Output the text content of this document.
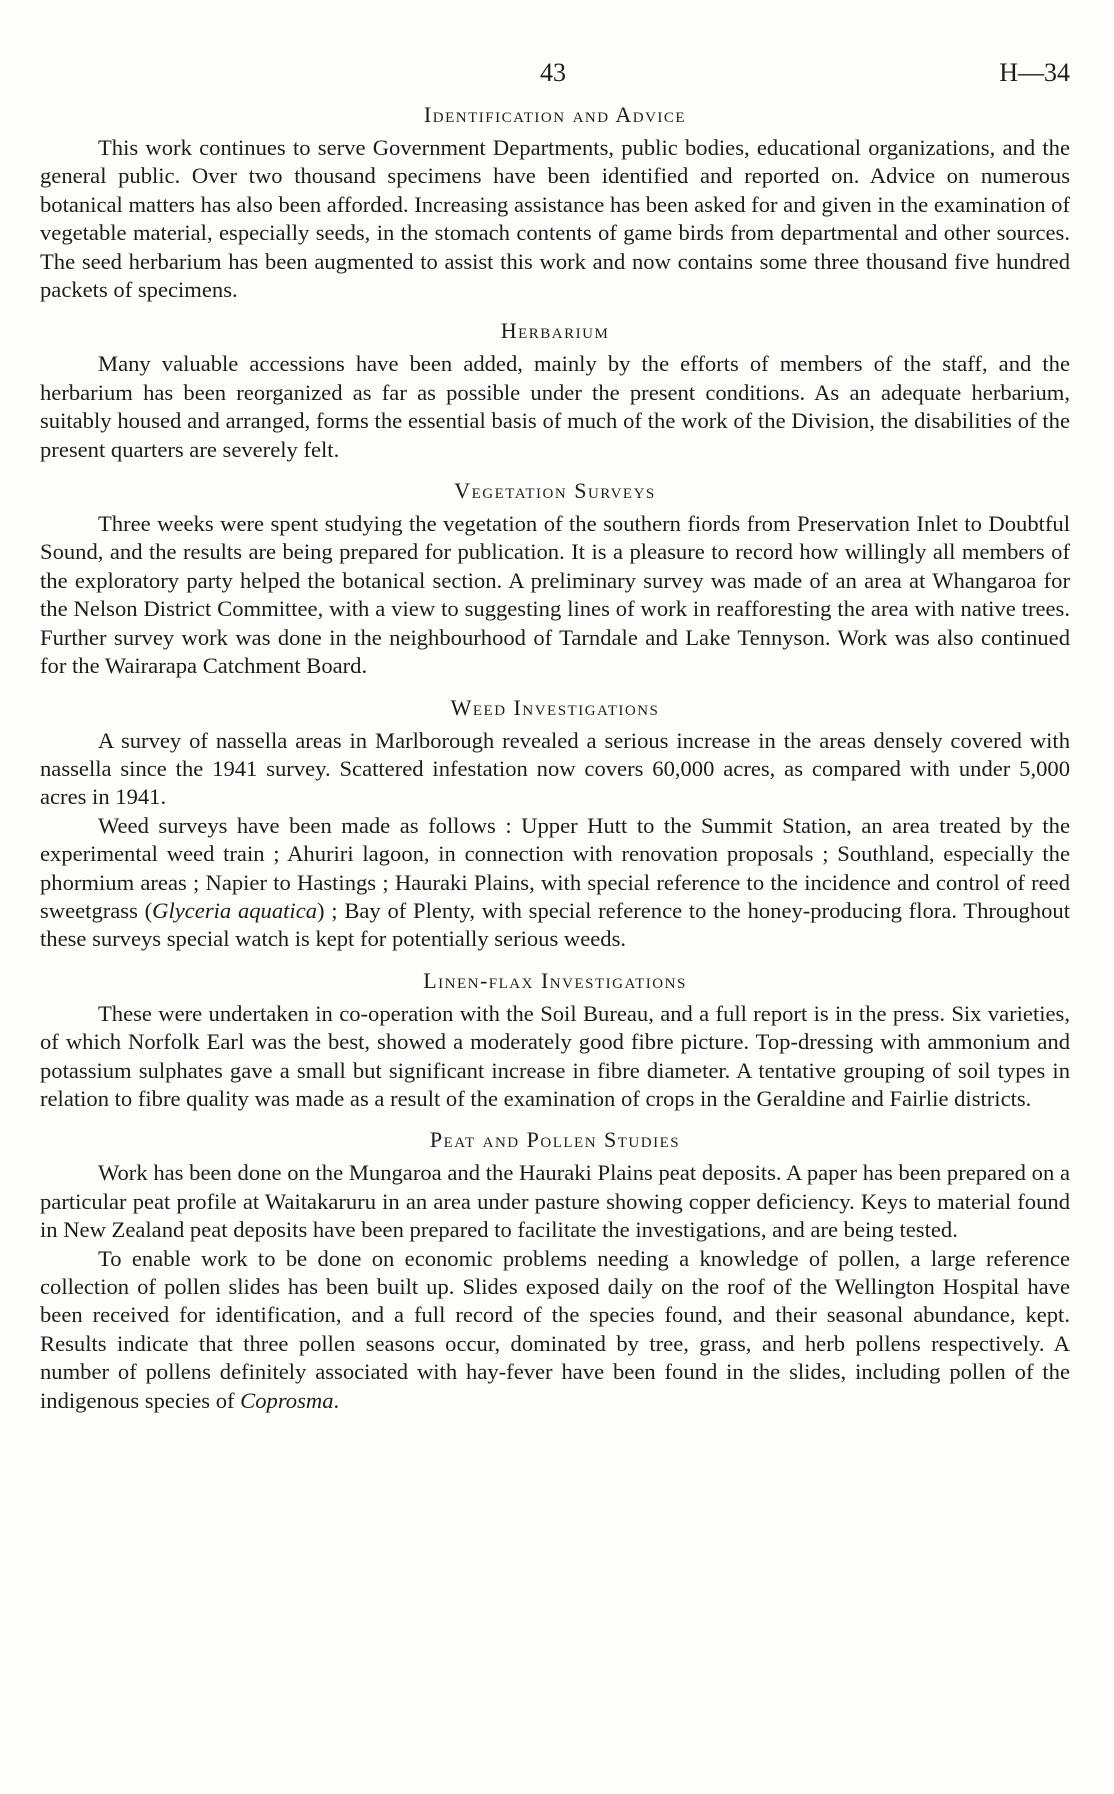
43	H—34
Identification and Advice

This work continues to serve Government Departments, public bodies, educational organizations, and the general public. Over two thousand specimens have been identified and reported on. Advice on numerous botanical matters has also been afforded. Increasing assistance has been asked for and given in the examination of vegetable material, especially seeds, in the stomach contents of game birds from departmental and other sources. The seed herbarium has been augmented to assist this work and now contains some three thousand five hundred packets of specimens.

Herbarium

Many valuable accessions have been added, mainly by the efforts of members of the staff, and the herbarium has been reorganized as far as possible under the present conditions. As an adequate herbarium, suitably housed and arranged, forms the essential basis of much of the work of the Division, the disabilities of the present quarters are severely felt.

Vegetation Surveys

Three weeks were spent studying the vegetation of the southern fiords from Preservation Inlet to Doubtful Sound, and the results are being prepared for publication. It is a pleasure to record how willingly all members of the exploratory party helped the botanical section. A preliminary survey was made of an area at Whangaroa for the Nelson District Committee, with a view to suggesting lines of work in reafforesting the area with native trees. Further survey work was done in the neighbourhood of Tarndale and Lake Tennyson. Work was also continued for the Wairarapa Catchment Board.

Weed Investigations

A survey of nassella areas in Marlborough revealed a serious increase in the areas densely covered with nassella since the 1941 survey. Scattered infestation now covers 60,000 acres, as compared with under 5,000 acres in 1941.

Weed surveys have been made as follows : Upper Hutt to the Summit Station, an area treated by the experimental weed train ; Ahuriri lagoon, in connection with renovation proposals ; Southland, especially the phormium areas ; Napier to Hastings ; Hauraki Plains, with special reference to the incidence and control of reed sweetgrass (Glyceria aquatica) ; Bay of Plenty, with special reference to the honey-producing flora. Throughout these surveys special watch is kept for potentially serious weeds.

Linen-flax Investigations

These were undertaken in co-operation with the Soil Bureau, and a full report is in the press. Six varieties, of which Norfolk Earl was the best, showed a moderately good fibre picture. Top-dressing with ammonium and potassium sulphates gave a small but significant increase in fibre diameter. A tentative grouping of soil types in relation to fibre quality was made as a result of the examination of crops in the Geraldine and Fairlie districts.

Peat and Pollen Studies

Work has been done on the Mungaroa and the Hauraki Plains peat deposits. A paper has been prepared on a particular peat profile at Waitakaruru in an area under pasture showing copper deficiency. Keys to material found in New Zealand peat deposits have been prepared to facilitate the investigations, and are being tested.

To enable work to be done on economic problems needing a knowledge of pollen, a large reference collection of pollen slides has been built up. Slides exposed daily on the roof of the Wellington Hospital have been received for identification, and a full record of the species found, and their seasonal abundance, kept. Results indicate that three pollen seasons occur, dominated by tree, grass, and herb pollens respectively. A number of pollens definitely associated with hay-fever have been found in the slides, including pollen of the indigenous species of Coprosma.
